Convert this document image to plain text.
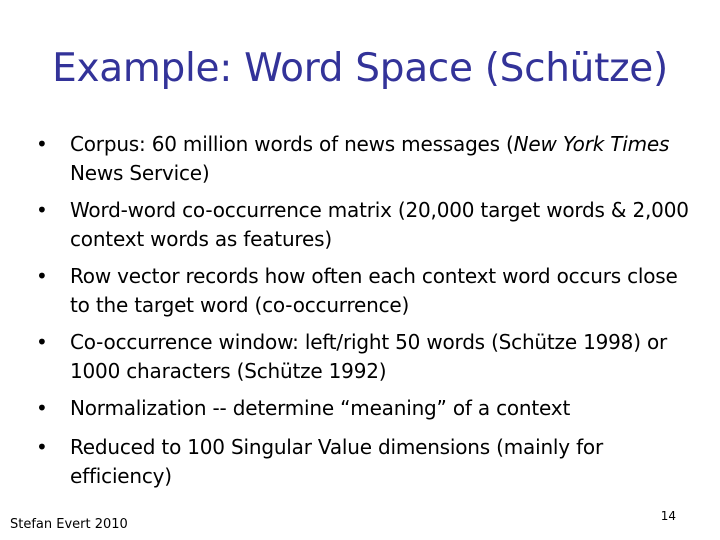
Example: Word Space (Schütze)
• Corpus: 60 million words of news messages (New York Times News Service)
• Word-word co-occurrence matrix (20,000 target words & 2,000 context words as features)
• Row vector records how often each context word occurs close to the target word (co-occurrence)
• Co-occurrence window: left/right 50 words (Schütze 1998) or 1000 characters (Schütze 1992)
• Normalization -- determine “meaning” of a context
• Reduced to 100 Singular Value dimensions (mainly for efficiency)
Stefan Evert 2010
14
